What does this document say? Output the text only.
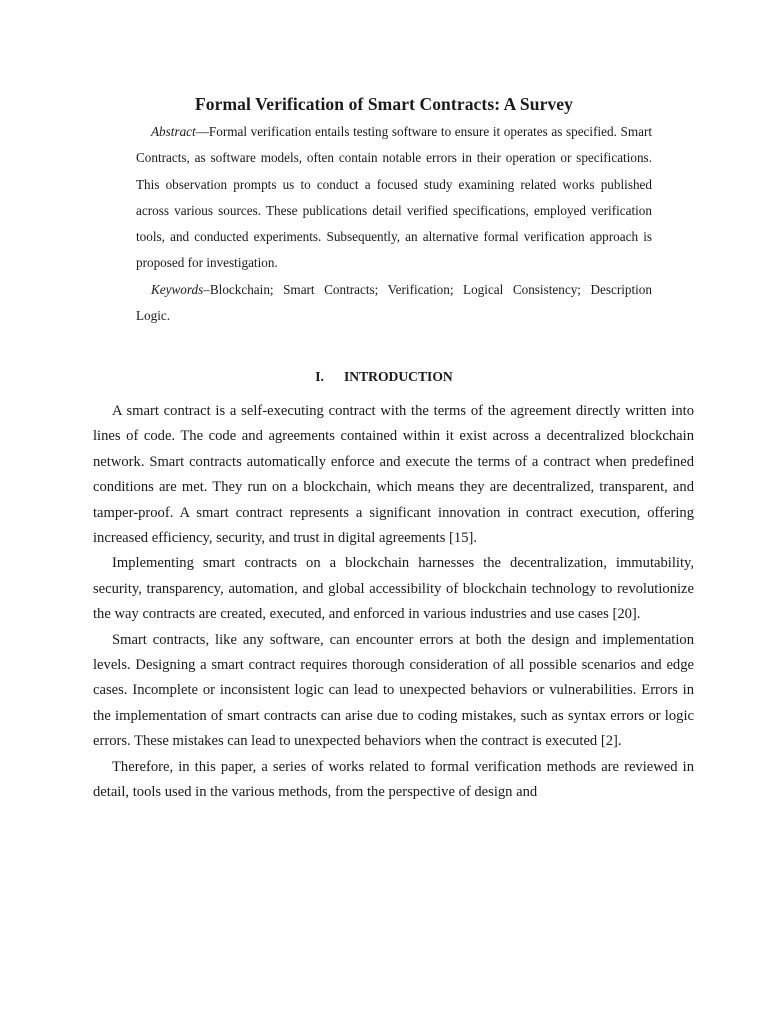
Formal Verification of Smart Contracts: A Survey

Abstract—Formal verification entails testing software to ensure it operates as specified. Smart Contracts, as software models, often contain notable errors in their operation or specifications. This observation prompts us to conduct a focused study examining related works published across various sources. These publications detail verified specifications, employed verification tools, and conducted experiments. Subsequently, an alternative formal verification approach is proposed for investigation.

Keywords–Blockchain; Smart Contracts; Verification; Logical Consistency; Description Logic.

I. INTRODUCTION

A smart contract is a self-executing contract with the terms of the agreement directly written into lines of code. The code and agreements contained within it exist across a decentralized blockchain network. Smart contracts automatically enforce and execute the terms of a contract when predefined conditions are met. They run on a blockchain, which means they are decentralized, transparent, and tamper-proof. A smart contract represents a significant innovation in contract execution, offering increased efficiency, security, and trust in digital agreements [15].

Implementing smart contracts on a blockchain harnesses the decentralization, immutability, security, transparency, automation, and global accessibility of blockchain technology to revolutionize the way contracts are created, executed, and enforced in various industries and use cases [20].

Smart contracts, like any software, can encounter errors at both the design and implementation levels. Designing a smart contract requires thorough consideration of all possible scenarios and edge cases. Incomplete or inconsistent logic can lead to unexpected behaviors or vulnerabilities. Errors in the implementation of smart contracts can arise due to coding mistakes, such as syntax errors or logic errors. These mistakes can lead to unexpected behaviors when the contract is executed [2].

Therefore, in this paper, a series of works related to formal verification methods are reviewed in detail, tools used in the various methods, from the perspective of design and
